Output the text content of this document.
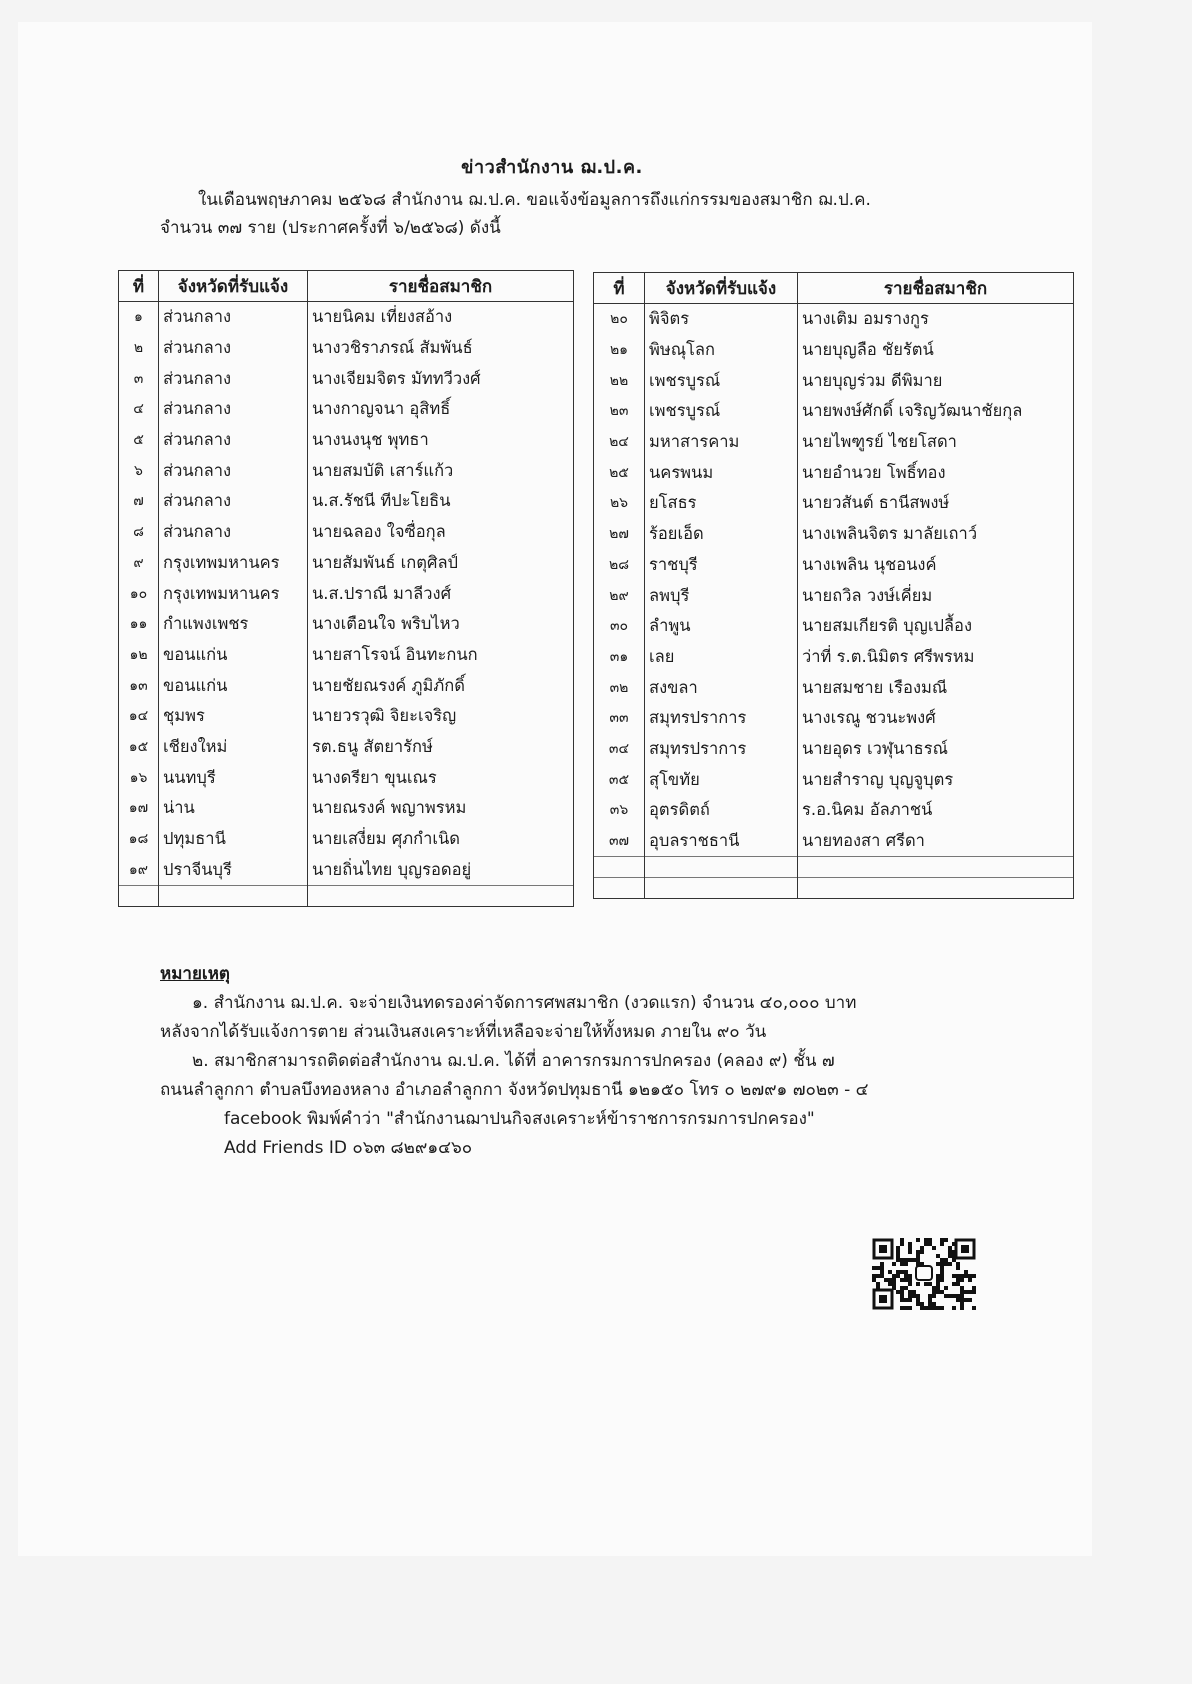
ข่าวสำนักงาน ฌ.ป.ค.
ในเดือนพฤษภาคม ๒๕๖๘ สำนักงาน ฌ.ป.ค. ขอแจ้งข้อมูลการถึงแก่กรรมของสมาชิก ฌ.ป.ค.
จำนวน ๓๗ ราย (ประกาศครั้งที่ ๖/๒๕๖๘) ดังนี้
ที่	จังหวัดที่รับแจ้ง	รายชื่อสมาชิก
๑	ส่วนกลาง	นายนิคม เที่ยงสอ้าง
๒	ส่วนกลาง	นางวชิราภรณ์ สัมพันธ์
๓	ส่วนกลาง	นางเจียมจิตร มัททวีวงศ์
๔	ส่วนกลาง	นางกาญจนา อุสิทธิ์
๕	ส่วนกลาง	นางนงนุช พุทธา
๖	ส่วนกลาง	นายสมบัติ เสาร์แก้ว
๗	ส่วนกลาง	น.ส.รัชนี ทีปะโยธิน
๘	ส่วนกลาง	นายฉลอง ใจซื่อกุล
๙	กรุงเทพมหานคร	นายสัมพันธ์ เกตุศิลป์
๑๐	กรุงเทพมหานคร	น.ส.ปราณี มาลีวงศ์
๑๑	กำแพงเพชร	นางเตือนใจ พริบไหว
๑๒	ขอนแก่น	นายสาโรจน์ อินทะกนก
๑๓	ขอนแก่น	นายชัยณรงค์ ภูมิภักดิ์
๑๔	ชุมพร	นายวรวุฒิ จิยะเจริญ
๑๕	เชียงใหม่	รต.ธนู สัตยารักษ์
๑๖	นนทบุรี	นางดรียา ขุนเณร
๑๗	น่าน	นายณรงค์ พญาพรหม
๑๘	ปทุมธานี	นายเสงี่ยม ศุภกำเนิด
๑๙	ปราจีนบุรี	นายถิ่นไทย บุญรอดอยู่

ที่	จังหวัดที่รับแจ้ง	รายชื่อสมาชิก
๒๐	พิจิตร	นางเติม อมรางกูร
๒๑	พิษณุโลก	นายบุญลือ ชัยรัตน์
๒๒	เพชรบูรณ์	นายบุญร่วม ดีพิมาย
๒๓	เพชรบูรณ์	นายพงษ์ศักดิ์ เจริญวัฒนาชัยกุล
๒๔	มหาสารคาม	นายไพฑูรย์ ไชยโสดา
๒๕	นครพนม	นายอำนวย โพธิ์ทอง
๒๖	ยโสธร	นายวสันต์ ธานีสพงษ์
๒๗	ร้อยเอ็ด	นางเพลินจิตร มาลัยเถาว์
๒๘	ราชบุรี	นางเพลิน นุชอนงค์
๒๙	ลพบุรี	นายถวิล วงษ์เคี่ยม
๓๐	ลำพูน	นายสมเกียรติ บุญเปลื้อง
๓๑	เลย	ว่าที่ ร.ต.นิมิตร ศรีพรหม
๓๒	สงขลา	นายสมชาย เรืองมณี
๓๓	สมุทรปราการ	นางเรณู ชวนะพงศ์
๓๔	สมุทรปราการ	นายอุดร เวฬุนาธรณ์
๓๕	สุโขทัย	นายสำราญ บุญจูบุตร
๓๖	อุตรดิตถ์	ร.อ.นิคม อัลภาชน์
๓๗	อุบลราชธานี	นายทองสา ศรีดา

หมายเหตุ
๑. สำนักงาน ฌ.ป.ค. จะจ่ายเงินทดรองค่าจัดการศพสมาชิก (งวดแรก) จำนวน ๔๐,๐๐๐ บาท
หลังจากได้รับแจ้งการตาย ส่วนเงินสงเคราะห์ที่เหลือจะจ่ายให้ทั้งหมด ภายใน ๙๐ วัน
๒. สมาชิกสามารถติดต่อสำนักงาน ฌ.ป.ค. ได้ที่ อาคารกรมการปกครอง (คลอง ๙) ชั้น ๗
ถนนลำลูกกา ตำบลบึงทองหลาง อำเภอลำลูกกา จังหวัดปทุมธานี ๑๒๑๕๐ โทร ๐ ๒๗๙๑ ๗๐๒๓ - ๔
facebook พิมพ์คำว่า "สำนักงานฌาปนกิจสงเคราะห์ข้าราชการกรมการปกครอง"
Add Friends ID ๐๖๓ ๘๒๙๑๔๖๐
